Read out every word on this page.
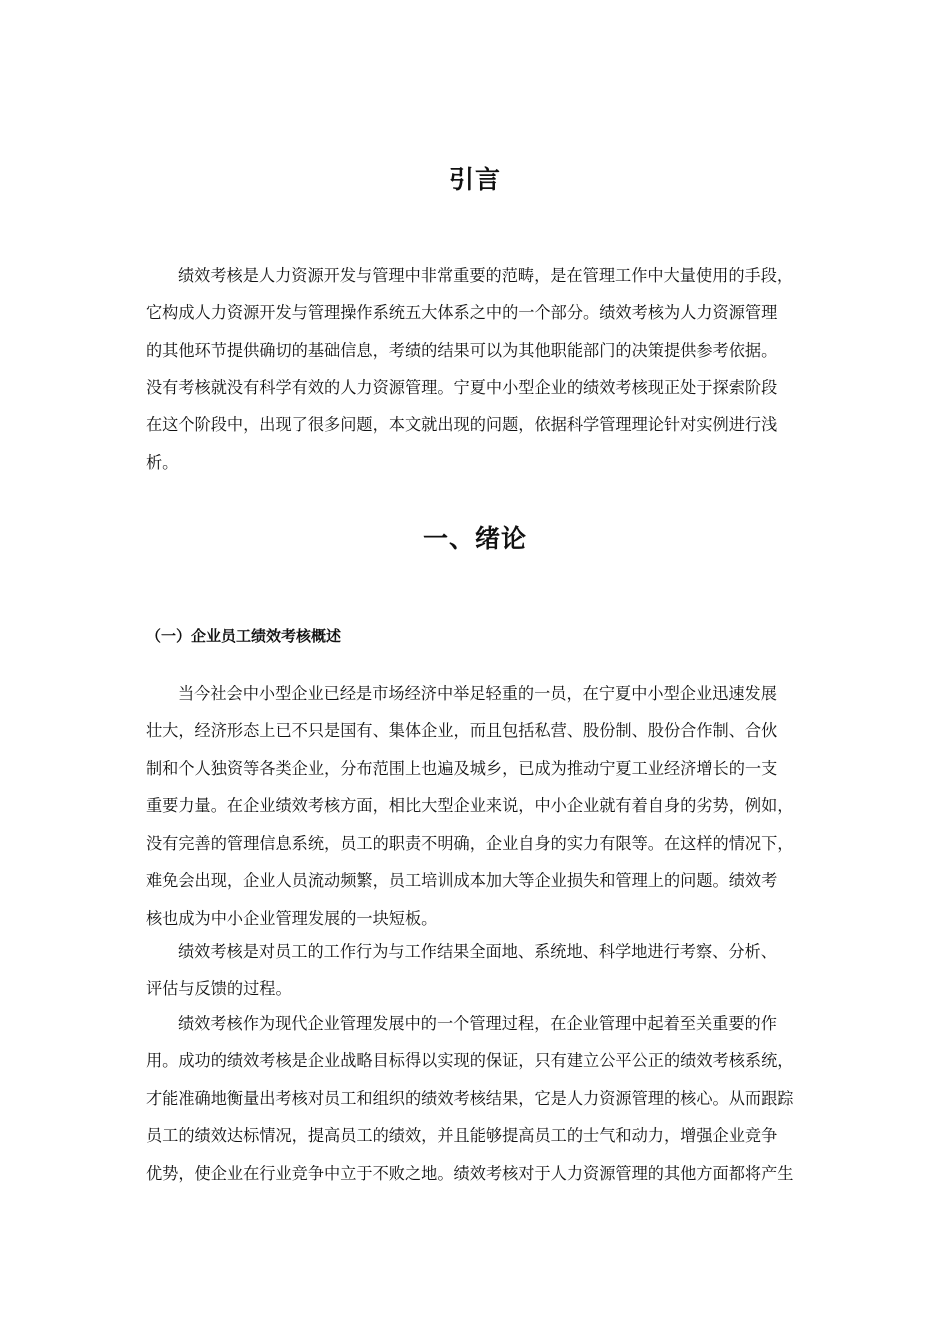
引言
绩效考核是人力资源开发与管理中非常重要的范畴，是在管理工作中大量使用的手段，
它构成人力资源开发与管理操作系统五大体系之中的一个部分。绩效考核为人力资源管理
的其他环节提供确切的基础信息，考绩的结果可以为其他职能部门的决策提供参考依据。
没有考核就没有科学有效的人力资源管理。宁夏中小型企业的绩效考核现正处于探索阶段
在这个阶段中，出现了很多问题，本文就出现的问题，依据科学管理理论针对实例进行浅
析。
一、绪论
（一）企业员工绩效考核概述
当今社会中小型企业已经是市场经济中举足轻重的一员，在宁夏中小型企业迅速发展
壮大，经济形态上已不只是国有、集体企业，而且包括私营、股份制、股份合作制、合伙
制和个人独资等各类企业，分布范围上也遍及城乡，已成为推动宁夏工业经济增长的一支
重要力量。在企业绩效考核方面，相比大型企业来说，中小企业就有着自身的劣势，例如，
没有完善的管理信息系统，员工的职责不明确，企业自身的实力有限等。在这样的情况下，
难免会出现，企业人员流动频繁，员工培训成本加大等企业损失和管理上的问题。绩效考
核也成为中小企业管理发展的一块短板。
绩效考核是对员工的工作行为与工作结果全面地、系统地、科学地进行考察、分析、
评估与反馈的过程。
绩效考核作为现代企业管理发展中的一个管理过程，在企业管理中起着至关重要的作
用。成功的绩效考核是企业战略目标得以实现的保证，只有建立公平公正的绩效考核系统，
才能准确地衡量出考核对员工和组织的绩效考核结果，它是人力资源管理的核心。从而跟踪
员工的绩效达标情况，提高员工的绩效，并且能够提高员工的士气和动力，增强企业竞争
优势，使企业在行业竞争中立于不败之地。绩效考核对于人力资源管理的其他方面都将产生
